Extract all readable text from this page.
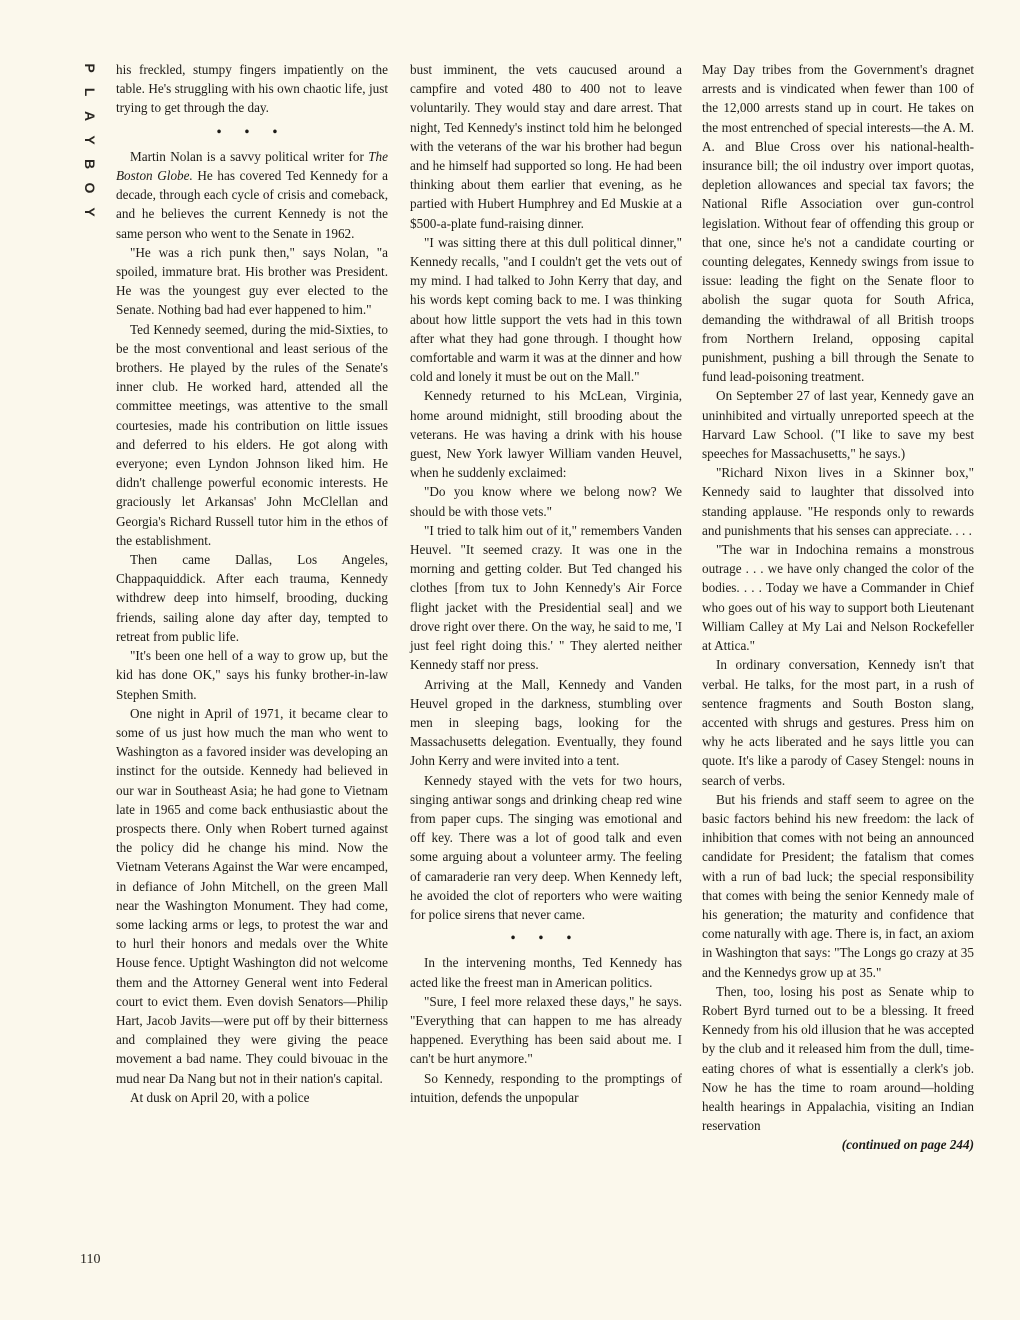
P
L
A
Y
B
O
Y

his freckled, stumpy fingers impatiently on the table. He's struggling with his own chaotic life, just trying to get through the day.

• • •

Martin Nolan is a savvy political writer for The Boston Globe. He has covered Ted Kennedy for a decade, through each cycle of crisis and comeback, and he believes the current Kennedy is not the same person who went to the Senate in 1962.

"He was a rich punk then," says Nolan, "a spoiled, immature brat. His brother was President. He was the youngest guy ever elected to the Senate. Nothing bad had ever happened to him."

Ted Kennedy seemed, during the mid-Sixties, to be the most conventional and least serious of the brothers. He played by the rules of the Senate's inner club. He worked hard, attended all the committee meetings, was attentive to the small courtesies, made his contribution on little issues and deferred to his elders. He got along with everyone; even Lyndon Johnson liked him. He didn't challenge powerful economic interests. He graciously let Arkansas' John McClellan and Georgia's Richard Russell tutor him in the ethos of the establishment.

Then came Dallas, Los Angeles, Chappaquiddick. After each trauma, Kennedy withdrew deep into himself, brooding, ducking friends, sailing alone day after day, tempted to retreat from public life.

"It's been one hell of a way to grow up, but the kid has done OK," says his funky brother-in-law Stephen Smith.

One night in April of 1971, it became clear to some of us just how much the man who went to Washington as a favored insider was developing an instinct for the outside. Kennedy had believed in our war in Southeast Asia; he had gone to Vietnam late in 1965 and come back enthusiastic about the prospects there. Only when Robert turned against the policy did he change his mind. Now the Vietnam Veterans Against the War were encamped, in defiance of John Mitchell, on the green Mall near the Washington Monument. They had come, some lacking arms or legs, to protest the war and to hurl their honors and medals over the White House fence. Uptight Washington did not welcome them and the Attorney General went into Federal court to evict them. Even dovish Senators—Philip Hart, Jacob Javits—were put off by their bitterness and complained they were giving the peace movement a bad name. They could bivouac in the mud near Da Nang but not in their nation's capital.

At dusk on April 20, with a police

bust imminent, the vets caucused around a campfire and voted 480 to 400 not to leave voluntarily. They would stay and dare arrest. That night, Ted Kennedy's instinct told him he belonged with the veterans of the war his brother had begun and he himself had supported so long. He had been thinking about them earlier that evening, as he partied with Hubert Humphrey and Ed Muskie at a $500-a-plate fund-raising dinner.

"I was sitting there at this dull political dinner," Kennedy recalls, "and I couldn't get the vets out of my mind. I had talked to John Kerry that day, and his words kept coming back to me. I was thinking about how little support the vets had in this town after what they had gone through. I thought how comfortable and warm it was at the dinner and how cold and lonely it must be out on the Mall."

Kennedy returned to his McLean, Virginia, home around midnight, still brooding about the veterans. He was having a drink with his house guest, New York lawyer William vanden Heuvel, when he suddenly exclaimed:

"Do you know where we belong now? We should be with those vets."

"I tried to talk him out of it," remembers Vanden Heuvel. "It seemed crazy. It was one in the morning and getting colder. But Ted changed his clothes [from tux to John Kennedy's Air Force flight jacket with the Presidential seal] and we drove right over there. On the way, he said to me, 'I just feel right doing this.' " They alerted neither Kennedy staff nor press.

Arriving at the Mall, Kennedy and Vanden Heuvel groped in the darkness, stumbling over men in sleeping bags, looking for the Massachusetts delegation. Eventually, they found John Kerry and were invited into a tent.

Kennedy stayed with the vets for two hours, singing antiwar songs and drinking cheap red wine from paper cups. The singing was emotional and off key. There was a lot of good talk and even some arguing about a volunteer army. The feeling of camaraderie ran very deep. When Kennedy left, he avoided the clot of reporters who were waiting for police sirens that never came.

• • •

In the intervening months, Ted Kennedy has acted like the freest man in American politics.

"Sure, I feel more relaxed these days," he says. "Everything that can happen to me has already happened. Everything has been said about me. I can't be hurt anymore."

So Kennedy, responding to the promptings of intuition, defends the unpopular

May Day tribes from the Government's dragnet arrests and is vindicated when fewer than 100 of the 12,000 arrests stand up in court. He takes on the most entrenched of special interests—the A. M. A. and Blue Cross over his national-health-insurance bill; the oil industry over import quotas, depletion allowances and special tax favors; the National Rifle Association over gun-control legislation. Without fear of offending this group or that one, since he's not a candidate courting or counting delegates, Kennedy swings from issue to issue: leading the fight on the Senate floor to abolish the sugar quota for South Africa, demanding the withdrawal of all British troops from Northern Ireland, opposing capital punishment, pushing a bill through the Senate to fund lead-poisoning treatment.

On September 27 of last year, Kennedy gave an uninhibited and virtually unreported speech at the Harvard Law School. ("I like to save my best speeches for Massachusetts," he says.)

"Richard Nixon lives in a Skinner box," Kennedy said to laughter that dissolved into standing applause. "He responds only to rewards and punishments that his senses can appreciate. . . .

"The war in Indochina remains a monstrous outrage . . . we have only changed the color of the bodies. . . . Today we have a Commander in Chief who goes out of his way to support both Lieutenant William Calley at My Lai and Nelson Rockefeller at Attica."

In ordinary conversation, Kennedy isn't that verbal. He talks, for the most part, in a rush of sentence fragments and South Boston slang, accented with shrugs and gestures. Press him on why he acts liberated and he says little you can quote. It's like a parody of Casey Stengel: nouns in search of verbs.

But his friends and staff seem to agree on the basic factors behind his new freedom: the lack of inhibition that comes with not being an announced candidate for President; the fatalism that comes with a run of bad luck; the special responsibility that comes with being the senior Kennedy male of his generation; the maturity and confidence that come naturally with age. There is, in fact, an axiom in Washington that says: "The Longs go crazy at 35 and the Kennedys grow up at 35."

Then, too, losing his post as Senate whip to Robert Byrd turned out to be a blessing. It freed Kennedy from his old illusion that he was accepted by the club and it released him from the dull, time-eating chores of what is essentially a clerk's job. Now he has the time to roam around—holding health hearings in Appalachia, visiting an Indian reservation

(continued on page 244)

110
